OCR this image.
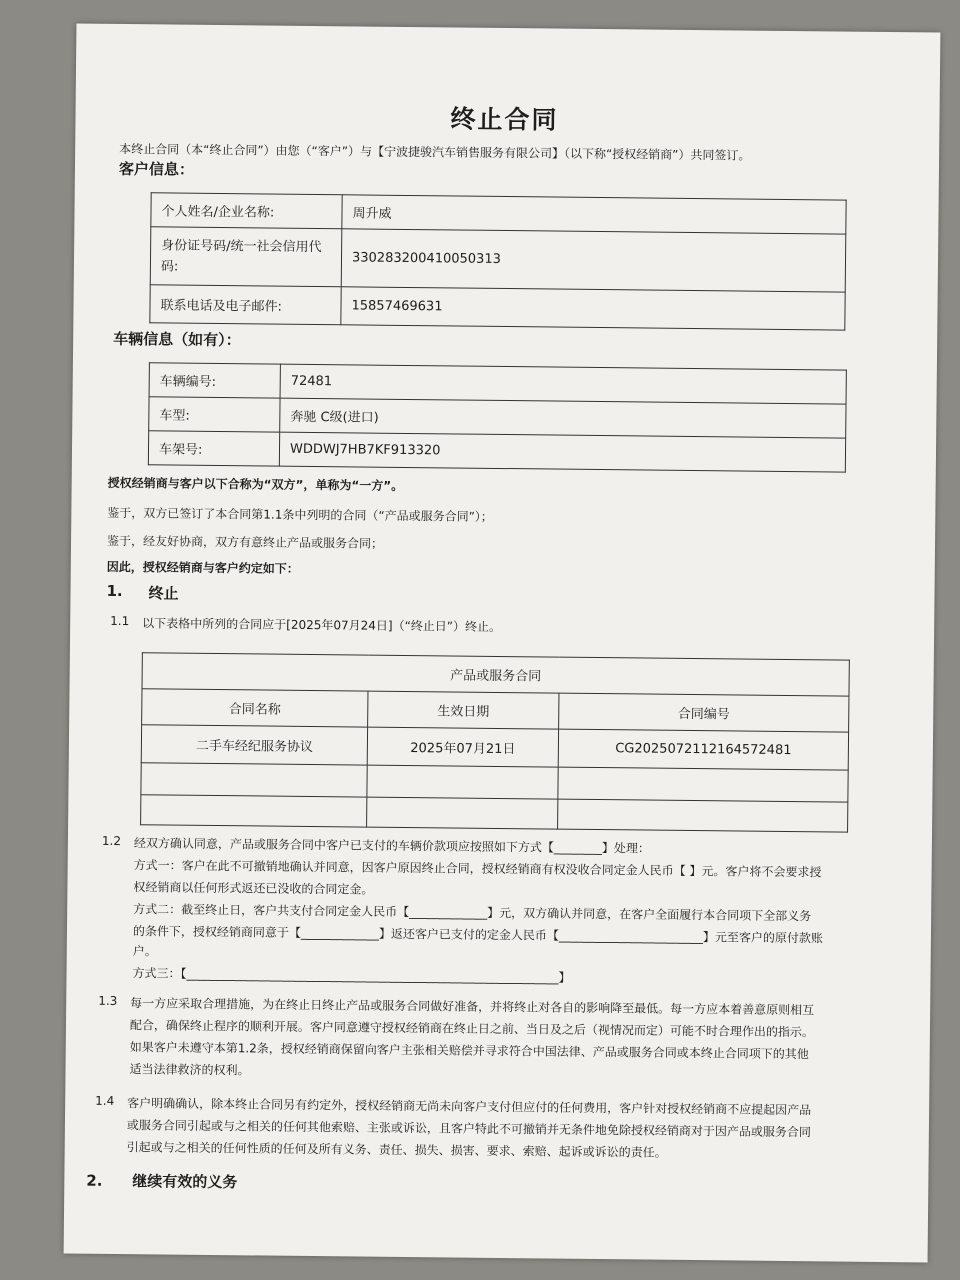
终止合同
本终止合同（本“终止合同”）由您（“客户”）与【宁波捷骏汽车销售服务有限公司】（以下称“授权经销商”）共同签订。
客户信息：
个人姓名/企业名称:	周升威
身份证号码/统一社会信用代码:	330283200410050313
联系电话及电子邮件:	15857469631
车辆信息（如有）：
车辆编号:	72481
车型:	奔驰 C级(进口)
车架号:	WDDWJ7HB7KF913320
授权经销商与客户以下合称为“双方”，单称为“一方”。
鉴于，双方已签订了本合同第1.1条中列明的合同（“产品或服务合同”）；
鉴于，经友好协商，双方有意终止产品或服务合同；
因此，授权经销商与客户约定如下：
1. 终止
1.1 以下表格中所列的合同应于[2025年07月24日]（“终止日”）终止。
产品或服务合同		
合同名称	生效日期	合同编号
二手车经纪服务协议	2025年07月21日	CG2025072112164572481

1.2 经双方确认同意，产品或服务合同中客户已支付的车辆价款项应按照如下方式【________】处理：
方式一：客户在此不可撤销地确认并同意，因客户原因终止合同，授权经销商有权没收合同定金人民币【 】元。客户将不会要求授
权经销商以任何形式返还已没收的合同定金。
方式二：截至终止日，客户共支付合同定金人民币【_____________】元，双方确认并同意，在客户全面履行本合同项下全部义务
的条件下，授权经销商同意于【_____________】返还客户已支付的定金人民币【________________________】元至客户的原付款账
户。
方式三：【______________________________________________________________】
1.3 每一方应采取合理措施，为在终止日终止产品或服务合同做好准备，并将终止对各自的影响降至最低。每一方应本着善意原则相互
配合，确保终止程序的顺利开展。客户同意遵守授权经销商在终止日之前、当日及之后（视情况而定）可能不时合理作出的指示。
如果客户未遵守本第1.2条，授权经销商保留向客户主张相关赔偿并寻求符合中国法律、产品或服务合同或本终止合同项下的其他
适当法律救济的权利。
1.4 客户明确确认，除本终止合同另有约定外，授权经销商无尚未向客户支付但应付的任何费用，客户针对授权经销商不应提起因产品
或服务合同引起或与之相关的任何其他索赔、主张或诉讼，且客户特此不可撤销并无条件地免除授权经销商对于因产品或服务合同
引起或与之相关的任何性质的任何及所有义务、责任、损失、损害、要求、索赔、起诉或诉讼的责任。
2. 继续有效的义务
